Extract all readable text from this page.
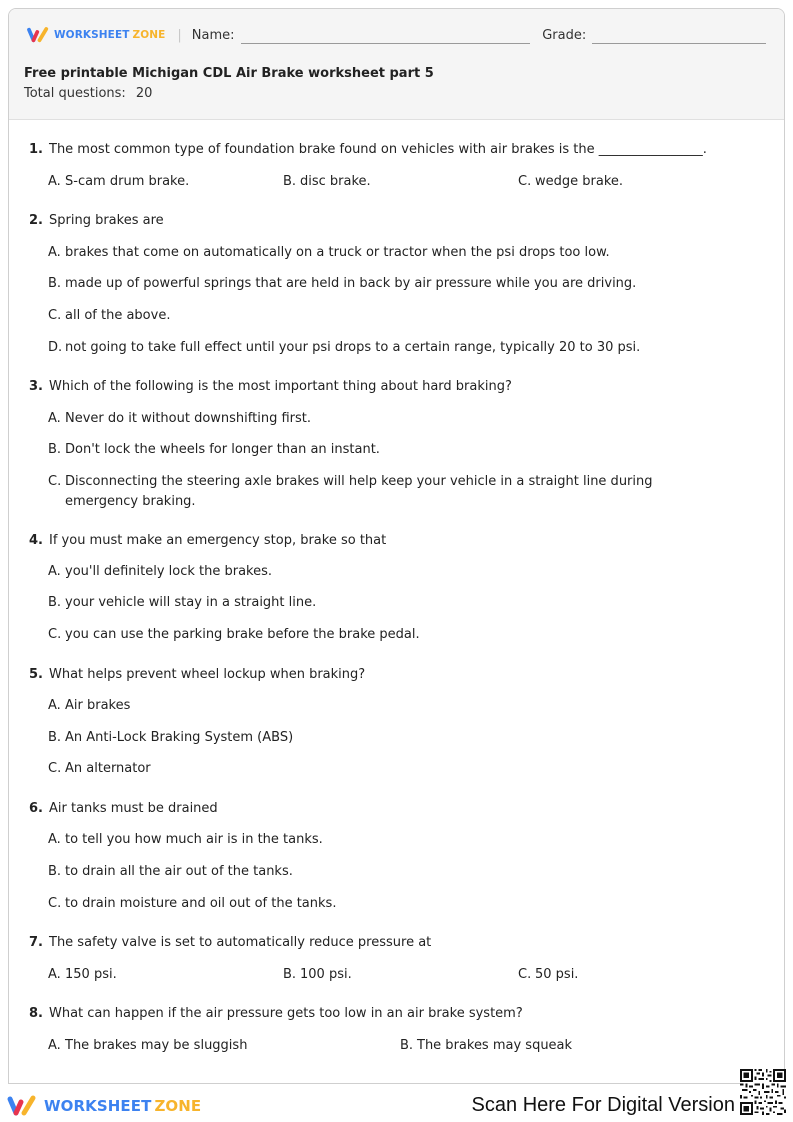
WORKSHEET ZONE | Name:	Grade:
Free printable Michigan CDL Air Brake worksheet part 5
Total questions: 20
1. The most common type of foundation brake found on vehicles with air brakes is the ________________.
A. S-cam drum brake.	B. disc brake.	C. wedge brake.
2. Spring brakes are
A. brakes that come on automatically on a truck or tractor when the psi drops too low.
B. made up of powerful springs that are held in back by air pressure while you are driving.
C. all of the above.
D. not going to take full effect until your psi drops to a certain range, typically 20 to 30 psi.
3. Which of the following is the most important thing about hard braking?
A. Never do it without downshifting first.
B. Don't lock the wheels for longer than an instant.
C. Disconnecting the steering axle brakes will help keep your vehicle in a straight line during emergency braking.
4. If you must make an emergency stop, brake so that
A. you'll definitely lock the brakes.
B. your vehicle will stay in a straight line.
C. you can use the parking brake before the brake pedal.
5. What helps prevent wheel lockup when braking?
A. Air brakes
B. An Anti-Lock Braking System (ABS)
C. An alternator
6. Air tanks must be drained
A. to tell you how much air is in the tanks.
B. to drain all the air out of the tanks.
C. to drain moisture and oil out of the tanks.
7. The safety valve is set to automatically reduce pressure at
A. 150 psi.	B. 100 psi.	C. 50 psi.
8. What can happen if the air pressure gets too low in an air brake system?
A. The brakes may be sluggish	B. The brakes may squeak
WORKSHEET ZONE	Scan Here For Digital Version
